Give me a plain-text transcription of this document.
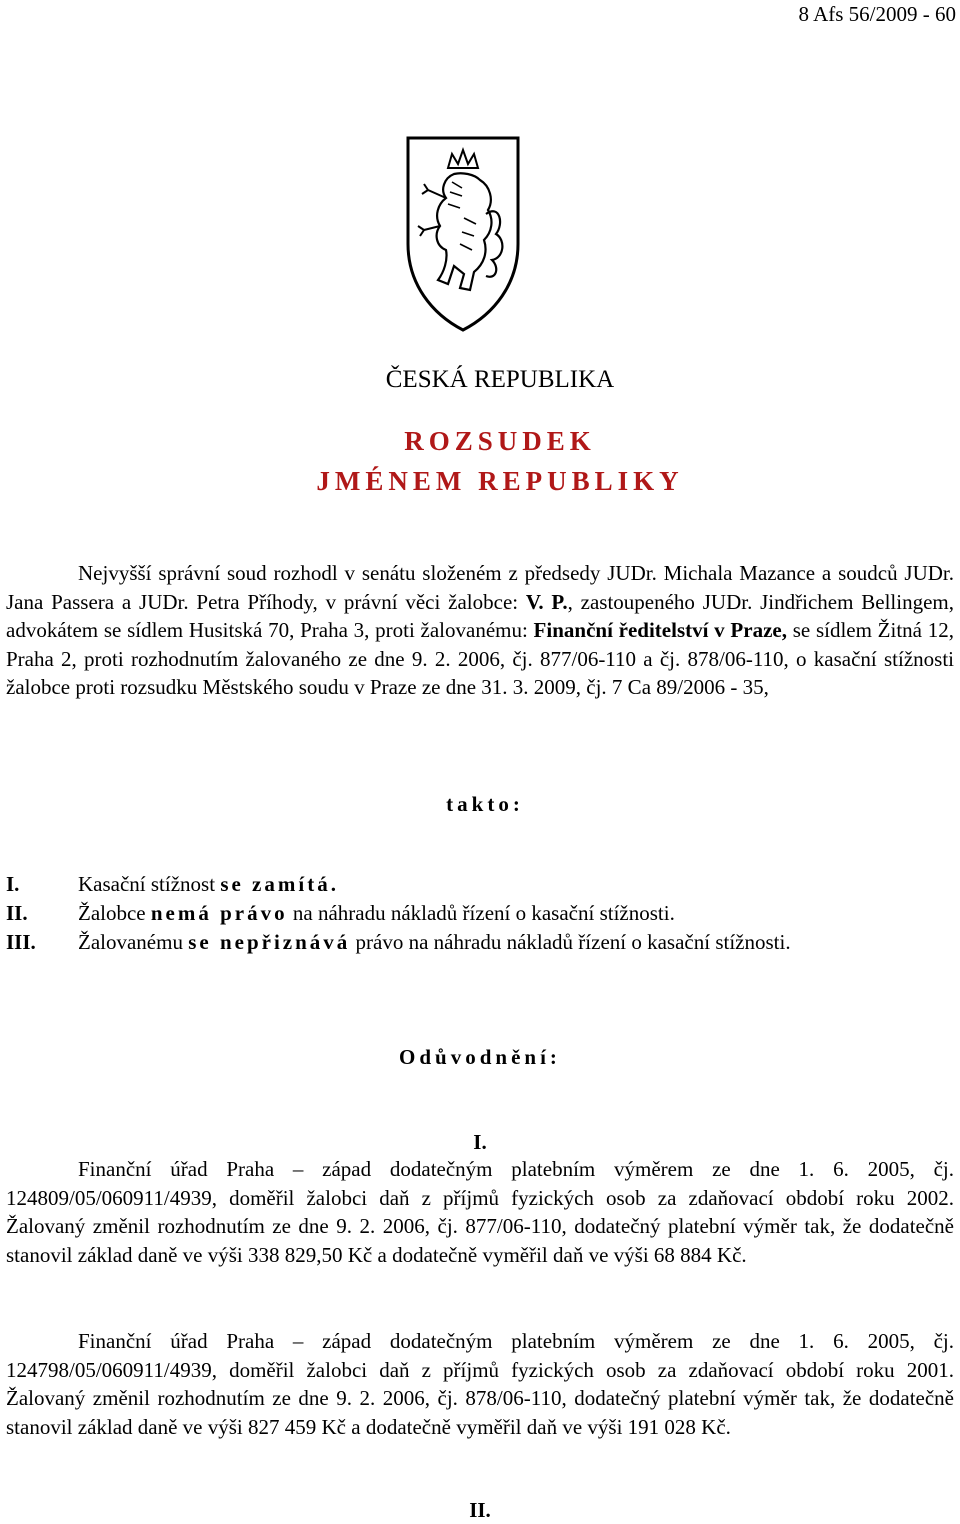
8 Afs 56/2009 - 60
ČESKÁ REPUBLIKA
ROZSUDEK
JMÉNEM REPUBLIKY

Nejvyšší správní soud rozhodl v senátu složeném z předsedy JUDr. Michala Mazance a soudců JUDr. Jana Passera a JUDr. Petra Příhody, v právní věci žalobce: V. P., zastoupeného JUDr. Jindřichem Bellingem, advokátem se sídlem Husitská 70, Praha 3, proti žalovanému: Finanční ředitelství v Praze, se sídlem Žitná 12, Praha 2, proti rozhodnutím žalovaného ze dne 9. 2. 2006, čj. 877/06-110 a čj. 878/06-110, o kasační stížnosti žalobce proti rozsudku Městského soudu v Praze ze dne 31. 3. 2009, čj. 7 Ca 89/2006 - 35,

takto:
I.	Kasační stížnost se zamítá.
II. Žalobce nemá právo na náhradu nákladů řízení o kasační stížnosti.
III. Žalovanému se nepřiznává právo na náhradu nákladů řízení o kasační stížnosti.
Odůvodnění:
I.

Finanční úřad Praha – západ dodatečným platebním výměrem ze dne 1. 6. 2005, čj. 124809/05/060911/4939, doměřil žalobci daň z příjmů fyzických osob za zdaňovací období roku 2002. Žalovaný změnil rozhodnutím ze dne 9. 2. 2006, čj. 877/06-110, dodatečný platební výměr tak, že dodatečně stanovil základ daně ve výši 338 829,50 Kč a dodatečně vyměřil daň ve výši 68 884 Kč.

Finanční úřad Praha – západ dodatečným platebním výměrem ze dne 1. 6. 2005, čj. 124798/05/060911/4939, doměřil žalobci daň z příjmů fyzických osob za zdaňovací období roku 2001. Žalovaný změnil rozhodnutím ze dne 9. 2. 2006, čj. 878/06-110, dodatečný platební výměr tak, že dodatečně stanovil základ daně ve výši 827 459 Kč a dodatečně vyměřil daň ve výši 191 028 Kč.

II.
